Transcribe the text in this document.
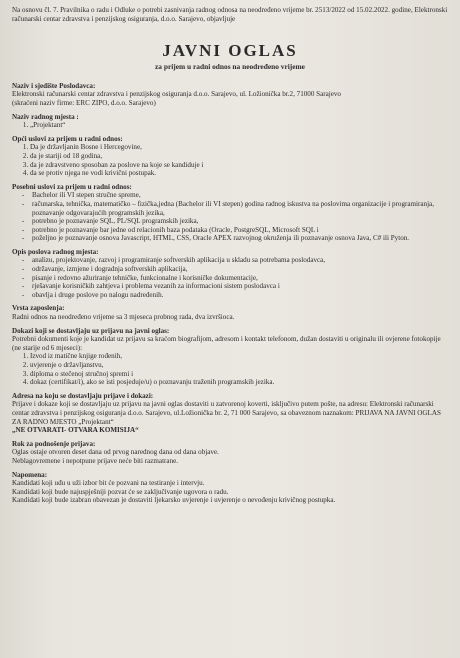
Na osnovu čl. 7. Pravilnika o radu i Odluke o potrebi zasnivanja radnog odnosa na neodređeno vrijeme br. 2513/2022 od 15.02.2022. godine, Elektronski računarski centar zdravstva i penzijskog osiguranja, d.o.o. Sarajevo, objavljuje
JAVNI OGLAS
za prijem u radni odnos na neodređeno vrijeme
Naziv i sjedište Poslodavca:
Elektronski računarski centar zdravstva i penzijskog osiguranja d.o.o. Sarajevo, ul. Ložionička br.2, 71000 Sarajevo
(skraćeni naziv firme: ERC ZIPO, d.o.o. Sarajevo)
Naziv radnog mjesta :
1. „Projektant“
Opći uslovi za prijem u radni odnos:
1. Da je državljanin Bosne i Hercegovine,
2. da je stariji od 18 godina,
3. da je zdravstveno sposoban za poslove na koje se kandiduje i
4. da se protiv njega ne vodi krivični postupak.
Posebni uslovi za prijem u radni odnos:
- Bachelor ili VI stepen stručne spreme,
- računarska, tehnička, matematičko – fizička,jedna (Bachelor ili VI stepen) godina radnog iskustva na poslovima organizacije i programiranja, poznavanje odgovarajućih programskih jezika,
- potrebno je poznavanje SQL, PL/SQL programskih jezika,
- potrebno je poznavanje bar jedne od relacionih baza podataka (Oracle, PostgreSQL, Microsoft SQL i
- poželjno je poznavanje osnova Javascript, HTML, CSS, Oracle APEX razvojnog okruženja ili poznavanje osnova Java, C# ili Pyton.
Opis poslova radnog mjesta:
- analizu, projektovanje, razvoj i programiranje softverskih aplikacija u skladu sa potrebama poslodavca,
- održavanje, izmjene i dogradnja softverskih aplikacija,
- pisanje i redovno ažuriranje tehničke, funkcionalne i korisničke dokumentacije,
- rješavanje korisničkih zahtjeva i problema vezanih za informacioni sistem poslodavca i
- obavlja i druge poslove po nalogu nadređenih.
Vrsta zaposlenja:
Radni odnos na neodređeno vrijeme sa 3 mjeseca probnog rada, dva izvršioca.
Dokazi koji se dostavljaju uz prijavu na javni oglas:
Potrebni dokumenti koje je kandidat uz prijavu sa kraćom biografijom, adresom i kontakt telefonom, dužan dostaviti u originalu ili ovjerene fotokopije (ne starije od 6 mjeseci):
1. Izvod iz matične knjige rođenih,
2. uvjerenje o državljanstvu,
3. diploma o stečenoj stručnoj spremi i
4. dokaz (certifikat/i), ako se isti posjeduje/u) o poznavanju traženih programskih jezika.
Adresa na koju se dostavljaju prijave i dokazi:
Prijave i dokaze koji se dostavljaju uz prijavu na javni oglas dostaviti u zatvorenoj koverti, isključivo putem pošte, na adresu: Elektronski računarski centar zdravstva i penzijskog osiguranja d.o.o. Sarajevo, ul.Ložionička br. 2, 71 000 Sarajevo, sa obaveznom naznakom: PRIJAVA NA JAVNI OGLAS ZA RADNO MJESTO „Projektant“
„NE OTVARATI- OTVARA KOMISIJA“
Rok za podnošenje prijava:
Oglas ostaje otvoren deset dana od prvog narednog dana od dana objave.
Neblagovremene i nepotpune prijave neće biti razmatrane.
Napomena:
Kandidati koji uđu u uži izbor bit će pozvani na testiranje i intervju.
Kandidati koji bude najuspješniji pozvat će se zaključivanje ugovora o radu.
Kandidati koji bude izabran obavezan je dostaviti ljekarsko uvjerenje i uvjerenje o nevođenju krivičnog postupka.
